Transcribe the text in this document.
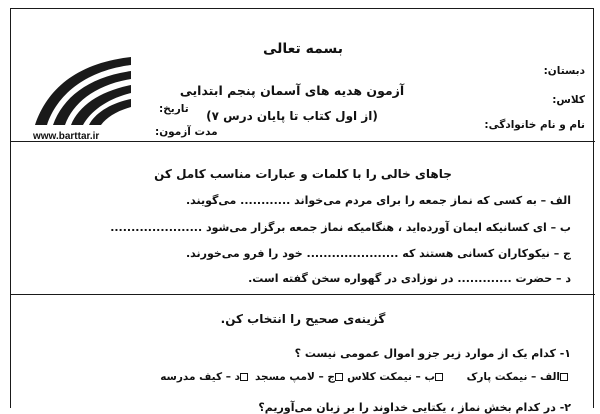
بسمه تعالی
آزمون هدیه های آسمان پنجم ابتدایی
(از اول کتاب تا پایان درس ۷)
دبستان:
کلاس:
نام و نام خانوادگی:
تاریخ:
مدت آزمون:
www.barttar.ir
جاهای خالی را با کلمات و عبارات مناسب کامل کن
الف – به کسی که نماز جمعه را برای مردم می‌خواند ............ می‌گویند.
ب – ای کسانیکه ایمان آورده‌اید ، هنگامیکه نماز جمعه برگزار می‌شود ......................
ج – نیکوکاران کسانی هستند که ...................... خود را فرو می‌خورند.
د – حضرت ............. در نوزادی در گهواره سخن گفته است.
گزینه‌ی صحیح را انتخاب کن.
۱- کدام یک از موارد زیر جزو اموال عمومی نیست ؟
الف – نیمکت پارک
ب – نیمکت کلاس
ج – لامپ مسجد
د – کیف مدرسه
۲- در کدام بخش نماز ، یکتایی خداوند را بر زبان می‌آوریم؟
